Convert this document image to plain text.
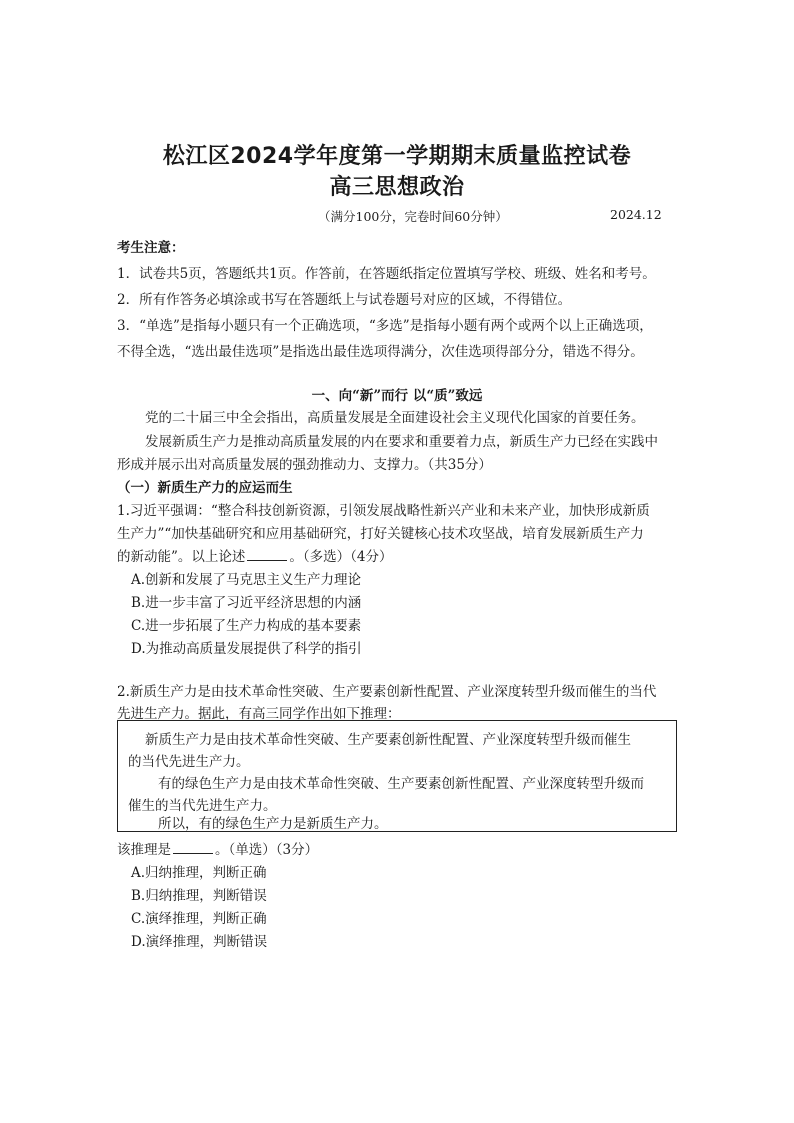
松江区2024学年度第一学期期末质量监控试卷
高三思想政治
（满分100分，完卷时间60分钟）	2024.12
考生注意：
1．试卷共5页，答题纸共1页。作答前，在答题纸指定位置填写学校、班级、姓名和考号。
2．所有作答务必填涂或书写在答题纸上与试卷题号对应的区域，不得错位。
3．“单选”是指每小题只有一个正确选项，“多选”是指每小题有两个或两个以上正确选项，
不得全选，“选出最佳选项”是指选出最佳选项得满分，次佳选项得部分分，错选不得分。
一、向“新”而行 以“质”致远
党的二十届三中全会指出，高质量发展是全面建设社会主义现代化国家的首要任务。
发展新质生产力是推动高质量发展的内在要求和重要着力点，新质生产力已经在实践中
形成并展示出对高质量发展的强劲推动力、支撑力。（共35分）
（一）新质生产力的应运而生
1.习近平强调：“整合科技创新资源，引领发展战略性新兴产业和未来产业，加快形成新质
生产力”“加快基础研究和应用基础研究，打好关键核心技术攻坚战，培育发展新质生产力
的新动能”。以上论述	。（多选）（4分）
A.创新和发展了马克思主义生产力理论
B.进一步丰富了习近平经济思想的内涵
C.进一步拓展了生产力构成的基本要素
D.为推动高质量发展提供了科学的指引
2.新质生产力是由技术革命性突破、生产要素创新性配置、产业深度转型升级而催生的当代
先进生产力。据此，有高三同学作出如下推理：
新质生产力是由技术革命性突破、生产要素创新性配置、产业深度转型升级而催生
的当代先进生产力。
有的绿色生产力是由技术革命性突破、生产要素创新性配置、产业深度转型升级而
催生的当代先进生产力。
所以，有的绿色生产力是新质生产力。
该推理是	。（单选）（3分）
A.归纳推理，判断正确
B.归纳推理，判断错误
C.演绎推理，判断正确
D.演绎推理，判断错误
